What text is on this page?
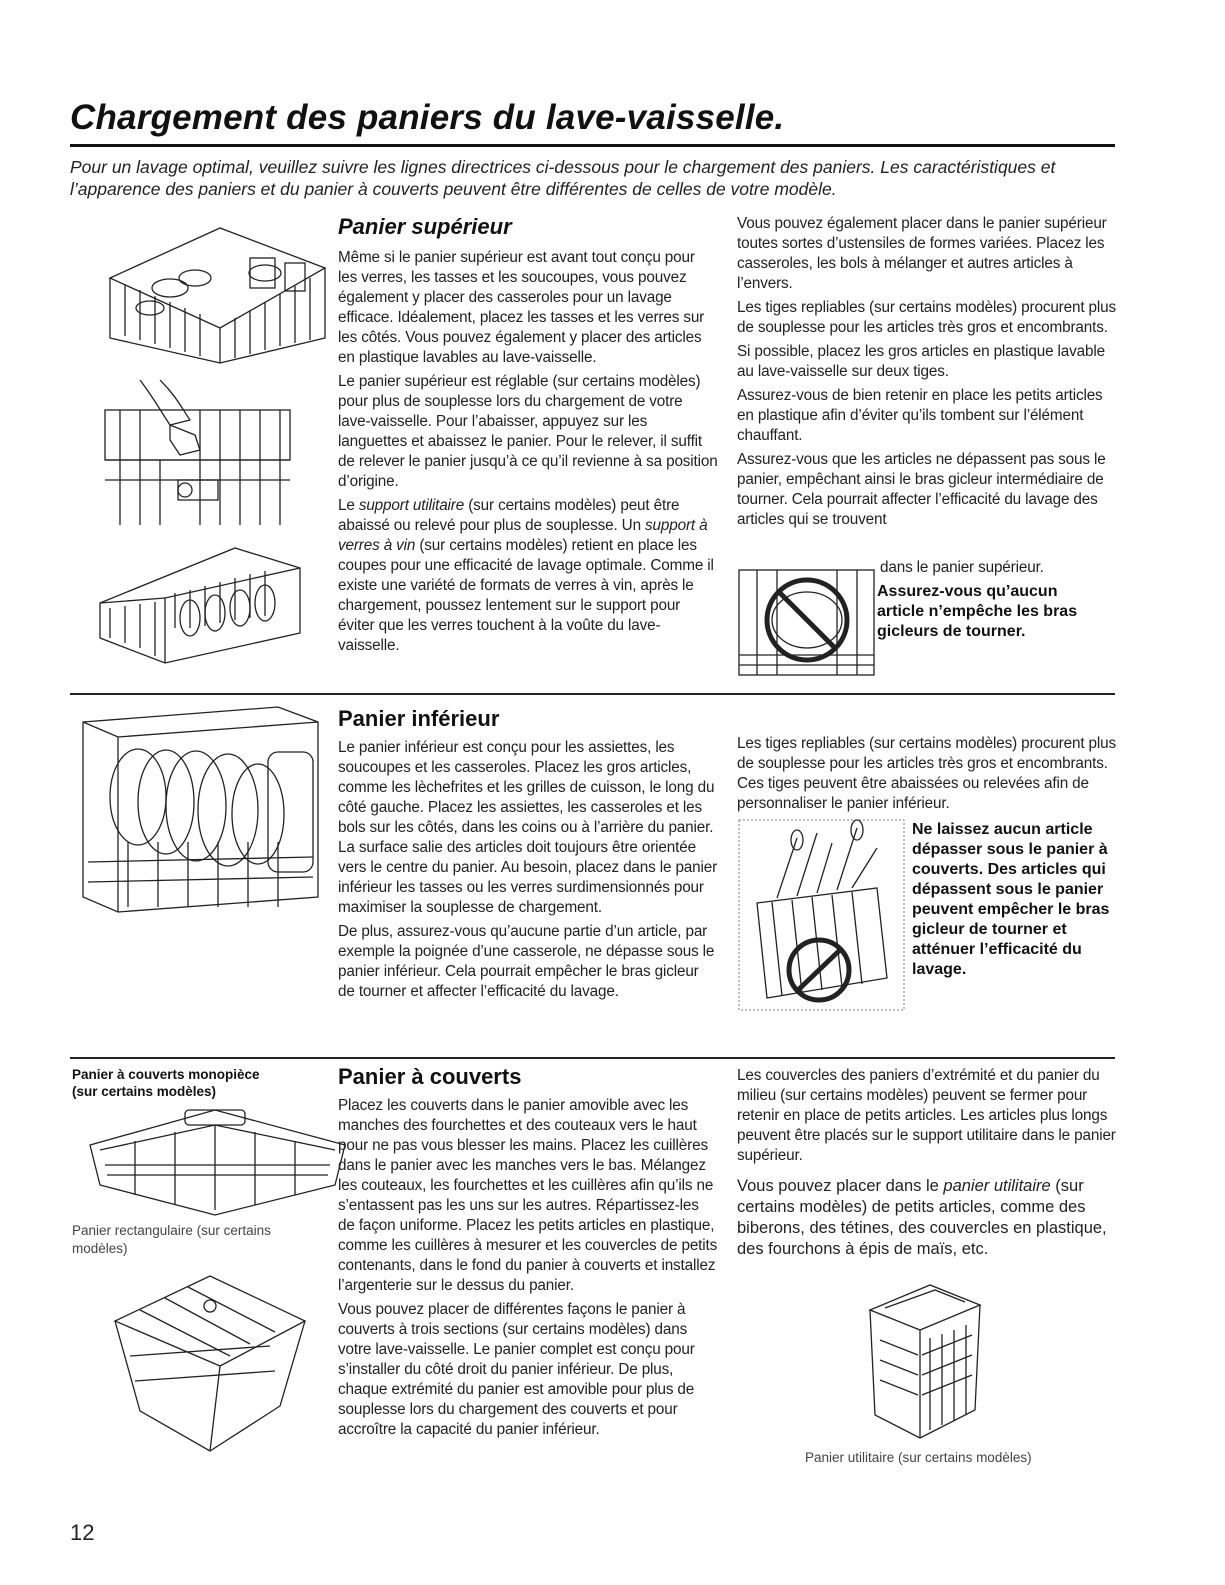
Chargement des paniers du lave-vaisselle.

Pour un lavage optimal, veuillez suivre les lignes directrices ci-dessous pour le chargement des paniers. Les caractéristiques et l’apparence des paniers et du panier à couverts peuvent être différentes de celles de votre modèle.

Panier supérieur

Même si le panier supérieur est avant tout conçu pour les verres, les tasses et les soucoupes, vous pouvez également y placer des casseroles pour un lavage efficace. Idéalement, placez les tasses et les verres sur les côtés. Vous pouvez également y placer des articles en plastique lavables au lave-vaisselle.

Le panier supérieur est réglable (sur certains modèles) pour plus de souplesse lors du chargement de votre lave-vaisselle. Pour l’abaisser, appuyez sur les languettes et abaissez le panier. Pour le relever, il suffit de relever le panier jusqu’à ce qu’il revienne à sa position d’origine.

Le support utilitaire (sur certains modèles) peut être abaissé ou relevé pour plus de souplesse. Un support à verres à vin (sur certains modèles) retient en place les coupes pour une efficacité de lavage optimale. Comme il existe une variété de formats de verres à vin, après le chargement, poussez lentement sur le support pour éviter que les verres touchent à la voûte du lave-vaisselle.

Vous pouvez également placer dans le panier supérieur toutes sortes d’ustensiles de formes variées. Placez les casseroles, les bols à mélanger et autres articles à l’envers.

Les tiges repliables (sur certains modèles) procurent plus de souplesse pour les articles très gros et encombrants.

Si possible, placez les gros articles en plastique lavable au lave-vaisselle sur deux tiges.

Assurez-vous de bien retenir en place les petits articles en plastique afin d’éviter qu’ils tombent sur l’élément chauffant.

Assurez-vous que les articles ne dépassent pas sous le panier, empêchant ainsi le bras gicleur intermédiaire de tourner. Cela pourrait affecter l’efficacité du lavage des articles qui se trouvent

dans le panier supérieur.

Assurez-vous qu’aucun article n’empêche les bras gicleurs de tourner.

Panier inférieur

Le panier inférieur est conçu pour les assiettes, les soucoupes et les casseroles. Placez les gros articles, comme les lèchefrites et les grilles de cuisson, le long du côté gauche. Placez les assiettes, les casseroles et les bols sur les côtés, dans les coins ou à l’arrière du panier. La surface salie des articles doit toujours être orientée vers le centre du panier. Au besoin, placez dans le panier inférieur les tasses ou les verres surdimensionnés pour maximiser la souplesse de chargement.

De plus, assurez-vous qu’aucune partie d’un article, par exemple la poignée d’une casserole, ne dépasse sous le panier inférieur. Cela pourrait empêcher le bras gicleur de tourner et affecter l’efficacité du lavage.

Les tiges repliables (sur certains modèles) procurent plus de souplesse pour les articles très gros et encombrants. Ces tiges peuvent être abaissées ou relevées afin de personnaliser le panier inférieur.

Ne laissez aucun article dépasser sous le panier à couverts. Des articles qui dépassent sous le panier peuvent empêcher le bras gicleur de tourner et atténuer l’efficacité du lavage.

Panier à couverts monopièce
(sur certains modèles)

Panier rectangulaire (sur certains modèles)

Panier à couverts

Placez les couverts dans le panier amovible avec les manches des fourchettes et des couteaux vers le haut pour ne pas vous blesser les mains. Placez les cuillères dans le panier avec les manches vers le bas. Mélangez les couteaux, les fourchettes et les cuillères afin qu’ils ne s’entassent pas les uns sur les autres. Répartissez-les de façon uniforme. Placez les petits articles en plastique, comme les cuillères à mesurer et les couvercles de petits contenants, dans le fond du panier à couverts et installez l’argenterie sur le dessus du panier.

Vous pouvez placer de différentes façons le panier à couverts à trois sections (sur certains modèles) dans votre lave-vaisselle. Le panier complet est conçu pour s’installer du côté droit du panier inférieur. De plus, chaque extrémité du panier est amovible pour plus de souplesse lors du chargement des couverts et pour accroître la capacité du panier inférieur.

Les couvercles des paniers d’extrémité et du panier du milieu (sur certains modèles) peuvent se fermer pour retenir en place de petits articles. Les articles plus longs peuvent être placés sur le support utilitaire dans le panier supérieur.

Vous pouvez placer dans le panier utilitaire (sur certains modèles) de petits articles, comme des biberons, des tétines, des couvercles en plastique, des fourchons à épis de maïs, etc.

Panier utilitaire (sur certains modèles)

12
